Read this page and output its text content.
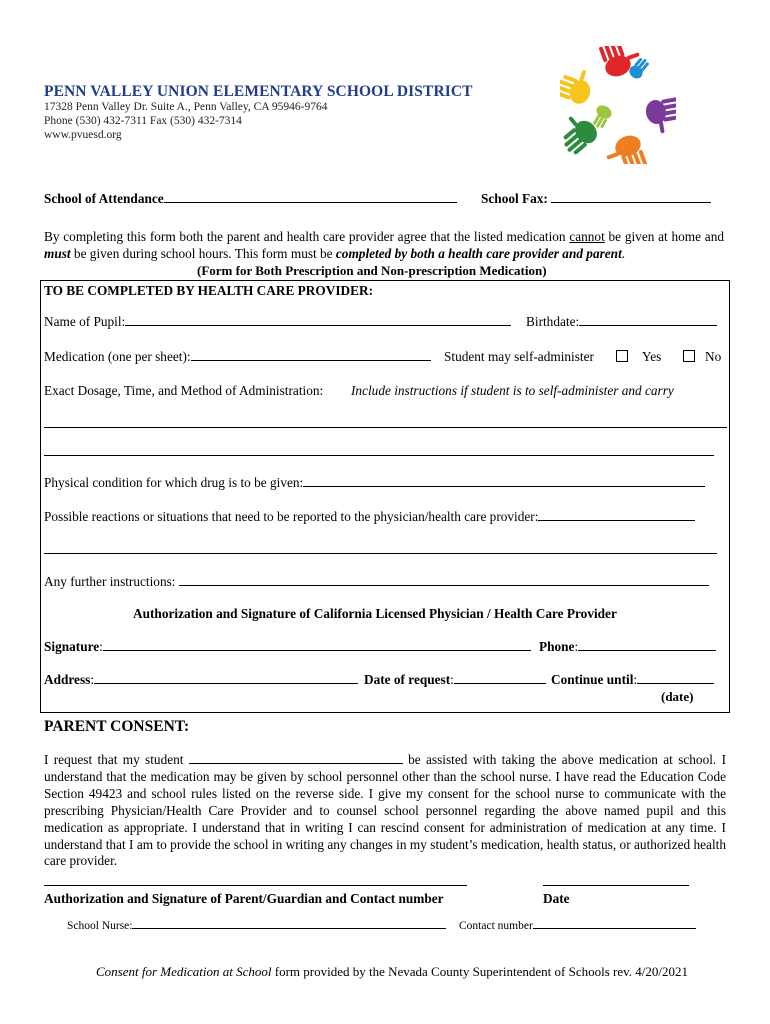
PENN VALLEY UNION ELEMENTARY SCHOOL DISTRICT
17328 Penn Valley Dr. Suite A., Penn Valley, CA 95946-9764
Phone (530) 432-7311 Fax (530) 432-7314
www.pvuesd.org
School of Attendance	School Fax:
By completing this form both the parent and health care provider agree that the listed medication cannot be given at home and must be given during school hours. This form must be completed by both a health care provider and parent.
(Form for Both Prescription and Non-prescription Medication)
TO BE COMPLETED BY HEALTH CARE PROVIDER:
Name of Pupil:	Birthdate:
Medication (one per sheet):	Student may self-administer	Yes	No
Exact Dosage, Time, and Method of Administration: Include instructions if student is to self-administer and carry
Physical condition for which drug is to be given:
Possible reactions or situations that need to be reported to the physician/health care provider:
Any further instructions:
Authorization and Signature of California Licensed Physician / Health Care Provider
Signature:	Phone:
Address:	Date of request:	Continue until:
(date)
PARENT CONSENT:
I request that my student	be assisted with taking the above medication at school. I understand that the medication may be given by school personnel other than the school nurse. I have read the Education Code Section 49423 and school rules listed on the reverse side. I give my consent for the school nurse to communicate with the prescribing Physician/Health Care Provider and to counsel school personnel regarding the above named pupil and this medication as appropriate. I understand that in writing I can rescind consent for administration of medication at any time. I understand that I am to provide the school in writing any changes in my student’s medication, health status, or authorized health care provider.
Authorization and Signature of Parent/Guardian and Contact number	Date
School Nurse:	Contact number
Consent for Medication at School form provided by the Nevada County Superintendent of Schools rev. 4/20/2021
